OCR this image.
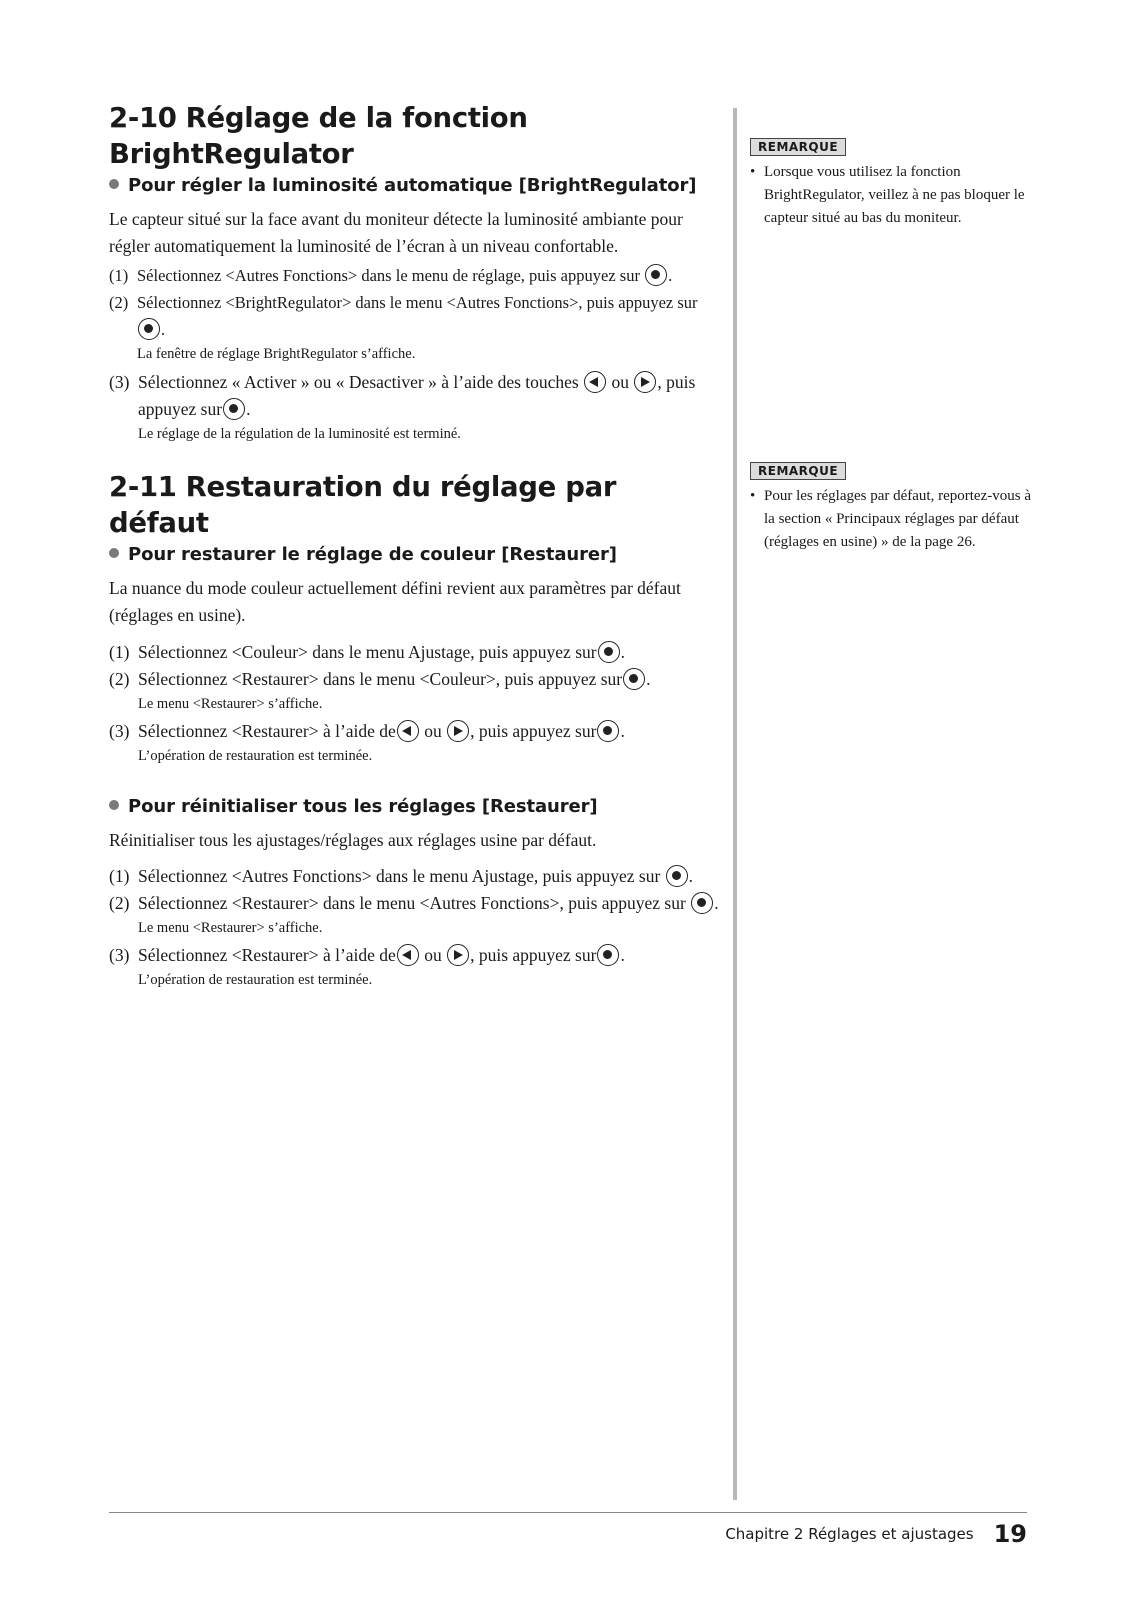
2-10 Réglage de la fonction BrightRegulator
Pour régler la luminosité automatique [BrightRegulator]

Le capteur situé sur la face avant du moniteur détecte la luminosité ambiante pour régler automatiquement la luminosité de l’écran à un niveau confortable.

(1) Sélectionnez <Autres Fonctions> dans le menu de réglage, puis appuyez sur .
(2) Sélectionnez <BrightRegulator> dans le menu <Autres Fonctions>, puis appuyez sur .
La fenêtre de réglage BrightRegulator s’affiche.
(3) Sélectionnez « Activer » ou « Desactiver » à l’aide des touches ou , puis appuyez sur .
Le réglage de la régulation de la luminosité est terminé.
2-11 Restauration du réglage par défaut
Pour restaurer le réglage de couleur [Restaurer]

La nuance du mode couleur actuellement défini revient aux paramètres par défaut (réglages en usine).

(1) Sélectionnez <Couleur> dans le menu Ajustage, puis appuyez sur .
(2) Sélectionnez <Restaurer> dans le menu <Couleur>, puis appuyez sur .
Le menu <Restaurer> s’affiche.
(3) Sélectionnez <Restaurer> à l’aide de ou , puis appuyez sur .
L’opération de restauration est terminée.
Pour réinitialiser tous les réglages [Restaurer]

Réinitialiser tous les ajustages/réglages aux réglages usine par défaut.

(1) Sélectionnez <Autres Fonctions> dans le menu Ajustage, puis appuyez sur .
(2) Sélectionnez <Restaurer> dans le menu <Autres Fonctions>, puis appuyez sur .
Le menu <Restaurer> s’affiche.
(3) Sélectionnez <Restaurer> à l’aide de ou , puis appuyez sur .
L’opération de restauration est terminée.
REMARQUE
• Lorsque vous utilisez la fonction BrightRegulator, veillez à ne pas bloquer le capteur situé au bas du moniteur.
REMARQUE
• Pour les réglages par défaut, reportez-vous à la section « Principaux réglages par défaut (réglages en usine) » de la page 26.
Chapitre 2 Réglages et ajustages 19
